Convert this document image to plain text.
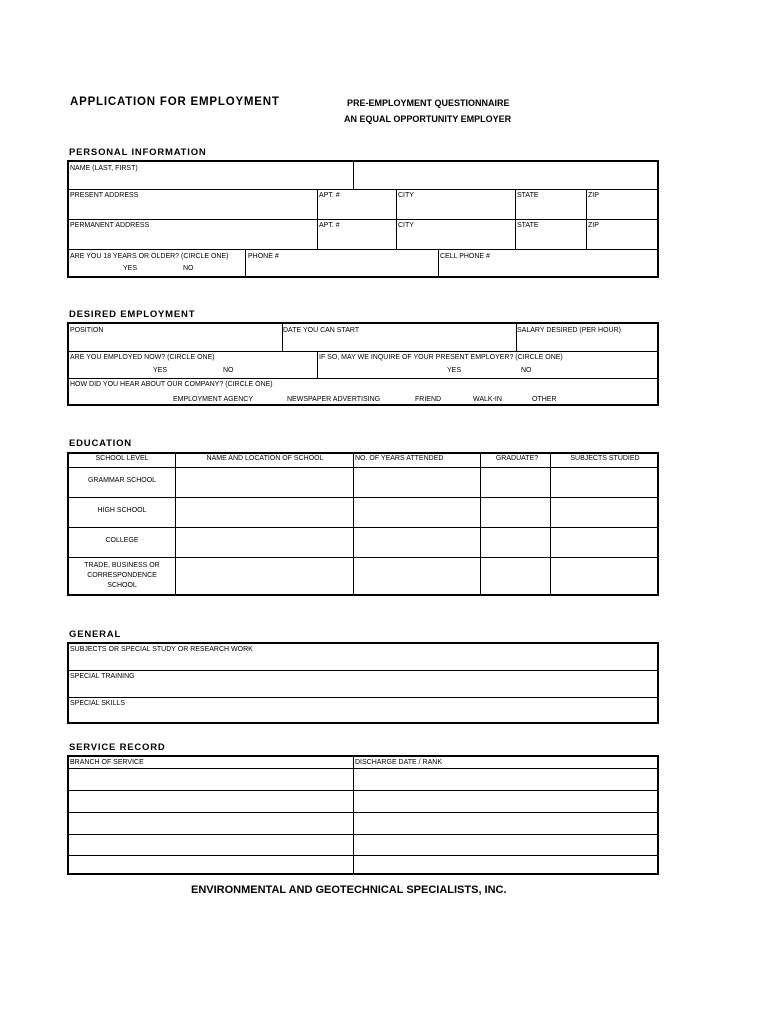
APPLICATION FOR EMPLOYMENT	PRE-EMPLOYMENT QUESTIONNAIRE
AN EQUAL OPPORTUNITY EMPLOYER
PERSONAL INFORMATION
NAME (LAST, FIRST)
PRESENT ADDRESS	APT. #	CITY	STATE	ZIP
PERMANENT ADDRESS	APT. #	CITY	STATE	ZIP
ARE YOU 18 YEARS OR OLDER? (CIRCLE ONE)
YES	NO
PHONE #	CELL PHONE #
DESIRED EMPLOYMENT
POSITION	DATE YOU CAN START	SALARY DESIRED (PER HOUR)
ARE YOU EMPLOYED NOW? (CIRCLE ONE)
YES	NO
IF SO, MAY WE INQUIRE OF YOUR PRESENT EMPLOYER? (CIRCLE ONE)
YES	NO
HOW DID YOU HEAR ABOUT OUR COMPANY? (CIRCLE ONE)
EMPLOYMENT AGENCY	NEWSPAPER ADVERTISING	FRIEND	WALK-IN	OTHER
EDUCATION
SCHOOL LEVEL	NAME AND LOCATION OF SCHOOL	NO. OF YEARS ATTENDED	GRADUATE?	SUBJECTS STUDIED
GRAMMAR SCHOOL
HIGH SCHOOL
COLLEGE
TRADE, BUSINESS OR
CORRESPONDENCE
SCHOOL
GENERAL
SUBJECTS OR SPECIAL STUDY OR RESEARCH WORK
SPECIAL TRAINING
SPECIAL SKILLS
SERVICE RECORD
BRANCH OF SERVICE	DISCHARGE DATE / RANK
ENVIRONMENTAL AND GEOTECHNICAL SPECIALISTS, INC.
